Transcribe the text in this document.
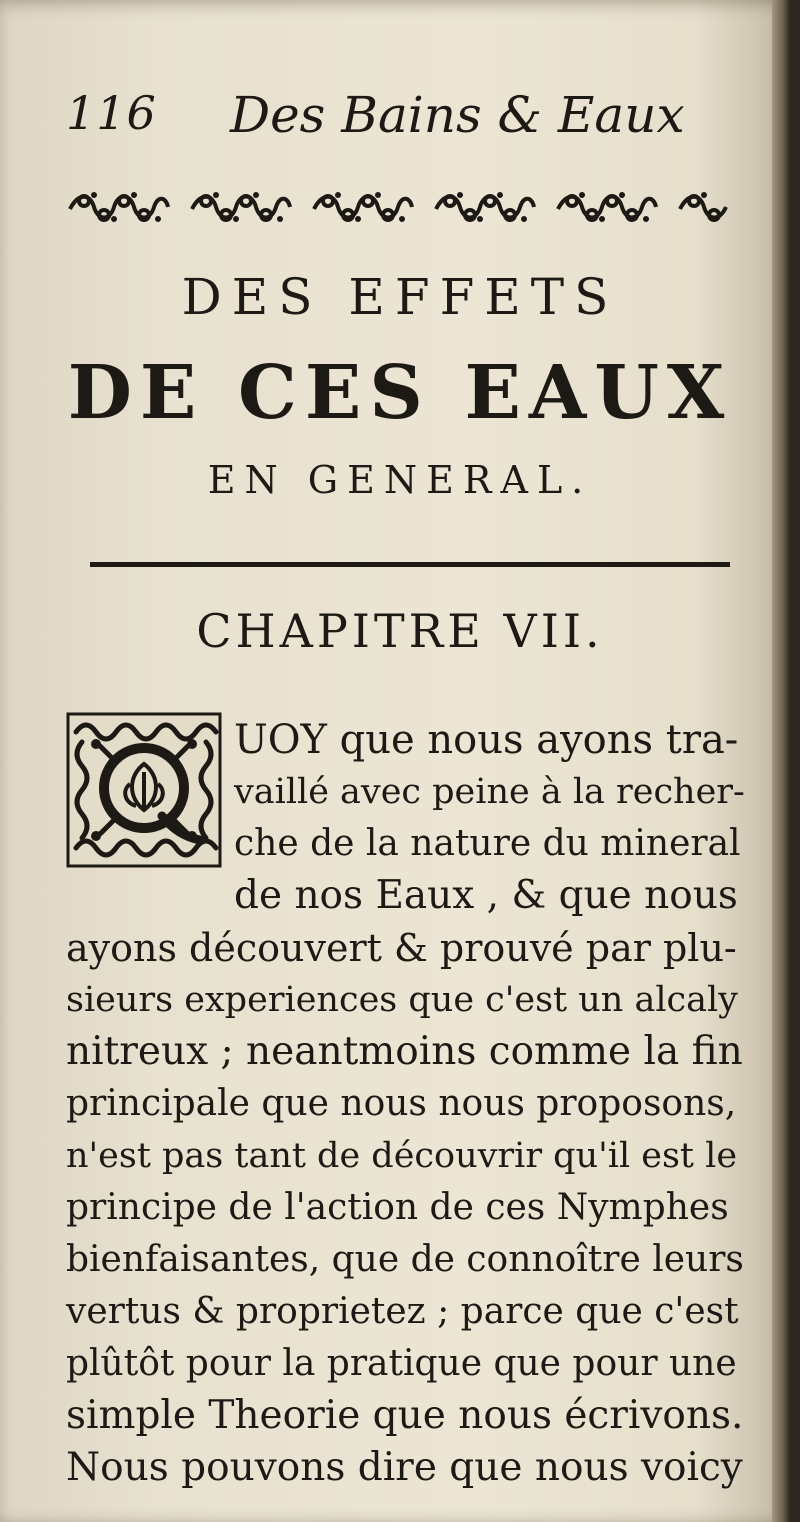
116 Des Bains & Eaux
DES EFFETS
DE CES EAUX
EN GENERAL.
CHAPITRE VII.
UOY que nous ayons tra-
vaillé avec peine à la recher-
che de la nature du mineral
de nos Eaux , & que nous
ayons découvert & prouvé par plu-
sieurs experiences que c'est un alcaly
nitreux ; neantmoins comme la fin
principale que nous nous proposons,
n'est pas tant de découvrir qu'il est le
principe de l'action de ces Nymphes
bienfaisantes, que de connoître leurs
vertus & proprietez ; parce que c'est
plûtôt pour la pratique que pour une
simple Theorie que nous écrivons.
Nous pouvons dire que nous voicy
